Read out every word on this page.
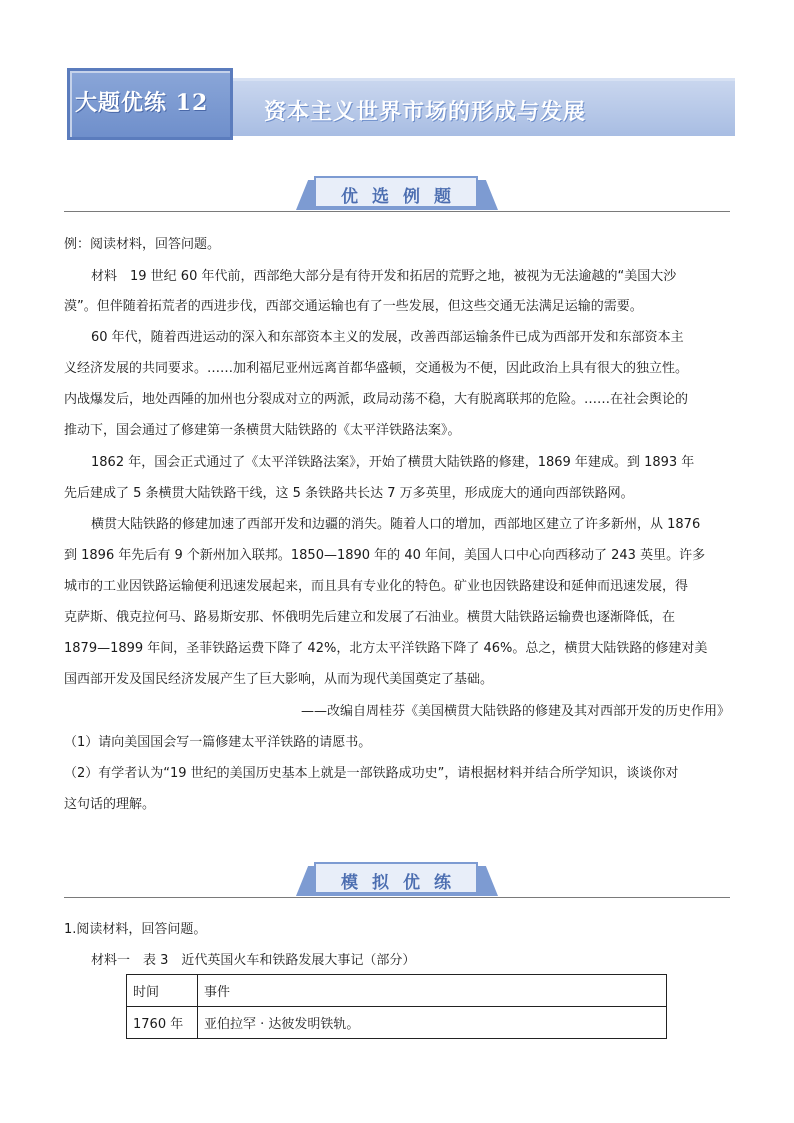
大题优练 12	资本主义世界市场的形成与发展
优选例题
例：阅读材料，回答问题。
材料　19 世纪 60 年代前，西部绝大部分是有待开发和拓居的荒野之地，被视为无法逾越的“美国大沙
漠”。但伴随着拓荒者的西进步伐，西部交通运输也有了一些发展，但这些交通无法满足运输的需要。
60 年代，随着西进运动的深入和东部资本主义的发展，改善西部运输条件已成为西部开发和东部资本主
义经济发展的共同要求。……加利福尼亚州远离首都华盛顿，交通极为不便，因此政治上具有很大的独立性。
内战爆发后，地处西陲的加州也分裂成对立的两派，政局动荡不稳，大有脱离联邦的危险。……在社会舆论的
推动下，国会通过了修建第一条横贯大陆铁路的《太平洋铁路法案》。
1862 年，国会正式通过了《太平洋铁路法案》，开始了横贯大陆铁路的修建，1869 年建成。到 1893 年
先后建成了 5 条横贯大陆铁路干线，这 5 条铁路共长达 7 万多英里，形成庞大的通向西部铁路网。
横贯大陆铁路的修建加速了西部开发和边疆的消失。随着人口的增加，西部地区建立了许多新州，从 1876
到 1896 年先后有 9 个新州加入联邦。1850—1890 年的 40 年间，美国人口中心向西移动了 243 英里。许多
城市的工业因铁路运输便利迅速发展起来，而且具有专业化的特色。矿业也因铁路建设和延伸而迅速发展，得
克萨斯、俄克拉何马、路易斯安那、怀俄明先后建立和发展了石油业。横贯大陆铁路运输费也逐渐降低，在
1879—1899 年间，圣菲铁路运费下降了 42%，北方太平洋铁路下降了 46%。总之，横贯大陆铁路的修建对美
国西部开发及国民经济发展产生了巨大影响，从而为现代美国奠定了基础。
——改编自周桂芬《美国横贯大陆铁路的修建及其对西部开发的历史作用》
（1）请向美国国会写一篇修建太平洋铁路的请愿书。
（2）有学者认为“19 世纪的美国历史基本上就是一部铁路成功史”，请根据材料并结合所学知识，谈谈你对
这句话的理解。
模拟优练
1.阅读材料，回答问题。
材料一　表 3　近代英国火车和铁路发展大事记（部分）
时间	事件
1760 年	亚伯拉罕 · 达彼发明铁轨。
